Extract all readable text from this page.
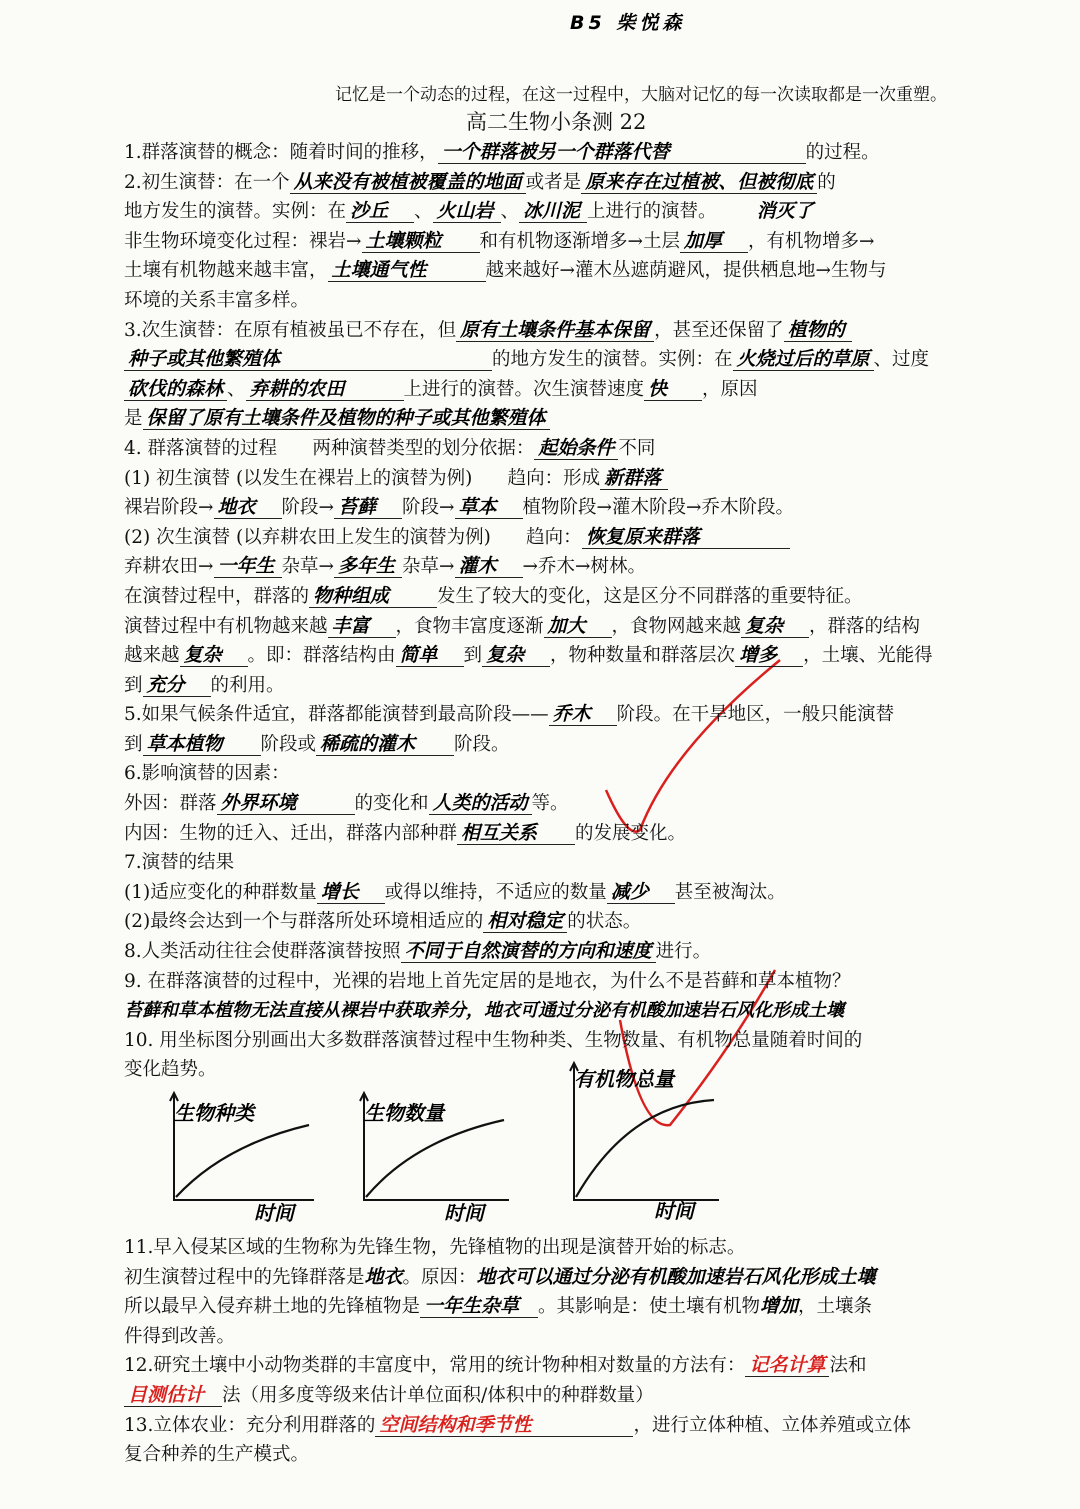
B5 柴悦森
记忆是一个动态的过程，在这一过程中，大脑对记忆的每一次读取都是一次重塑。
高二生物小条测 22
1.群落演替的概念：随着时间的推移， 一个群落被另一个群落代替	的过程。
2.初生演替：在一个 从来没有被植被覆盖的地面 或者是 原来存在过植被、但被彻底 的
地方发生的演替。实例：在 沙丘 、 火山岩 、 冰川泥 上进行的演替。 消灭了
非生物环境变化过程：裸岩→ 土壤颗粒 和有机物逐渐增多→土层 加厚 ，有机物增多→
土壤有机物越来越丰富， 土壤通气性	越来越好→灌木丛遮荫避风，提供栖息地→生物与
环境的关系丰富多样。
3.次生演替：在原有植被虽已不存在，但 原有土壤条件基本保留 ，甚至还保留了 植物的
种子或其他繁殖体	的地方发生的演替。实例：在 火烧过后的草原 、过度
砍伐的森林 、 弃耕的农田	上进行的演替。次生演替速度 快 ，原因
是 保留了原有土壤条件及植物的种子或其他繁殖体
4. 群落演替的过程      两种演替类型的划分依据： 起始条件 不同
(1) 初生演替 (以发生在裸岩上的演替为例)      趋向：形成 新群落
裸岩阶段→ 地衣 阶段→ 苔藓 阶段→ 草本 植物阶段→灌木阶段→乔木阶段。
(2) 次生演替 (以弃耕农田上发生的演替为例)      趋向： 恢复原来群落
弃耕农田→ 一年生 杂草→ 多年生 杂草→ 灌木 →乔木→树林。
在演替过程中，群落的 物种组成	发生了较大的变化，这是区分不同群落的重要特征。
演替过程中有机物越来越 丰富 ，食物丰富度逐渐 加大 ，食物网越来越 复杂 ，群落的结构
越来越 复杂 。即：群落结构由 简单 到 复杂 ，物种数量和群落层次 增多 ，土壤、光能得
到 充分 的利用。
5.如果气候条件适宜，群落都能演替到最高阶段—— 乔木 阶段。在干旱地区，一般只能演替
到 草本植物 阶段或 稀疏的灌木 阶段。
6.影响演替的因素：
外因：群落 外界环境	的变化和 人类的活动 等。
内因：生物的迁入、迁出，群落内部种群 相互关系 的发展变化。
7.演替的结果
(1)适应变化的种群数量 增长 或得以维持，不适应的数量 减少 甚至被淘汰。
(2)最终会达到一个与群落所处环境相适应的 相对稳定 的状态。
8.人类活动往往会使群落演替按照 不同于自然演替的方向和速度 进行。
9. 在群落演替的过程中，光裸的岩地上首先定居的是地衣，为什么不是苔藓和草本植物？
苔藓和草本植物无法直接从裸岩中获取养分，地衣可通过分泌有机酸加速岩石风化形成土壤
10. 用坐标图分别画出大多数群落演替过程中生物种类、生物数量、有机物总量随着时间的
变化趋势。
生物种类
时间
生物数量
时间
有机物总量
时间
11.早入侵某区域的生物称为先锋生物，先锋植物的出现是演替开始的标志。
初生演替过程中的先锋群落是地衣。原因：地衣可以通过分泌有机酸加速岩石风化形成土壤
所以最早入侵弃耕土地的先锋植物是 一年生杂草 。其影响是：使土壤有机物增加，土壤条
件得到改善。
12.研究土壤中小动物类群的丰富度中，常用的统计物种相对数量的方法有： 记名计算 法和
目测估计 法（用多度等级来估计单位面积/体积中的种群数量）
13.立体农业：充分利用群落的 空间结构和季节性	，进行立体种植、立体养殖或立体
复合种养的生产模式。
